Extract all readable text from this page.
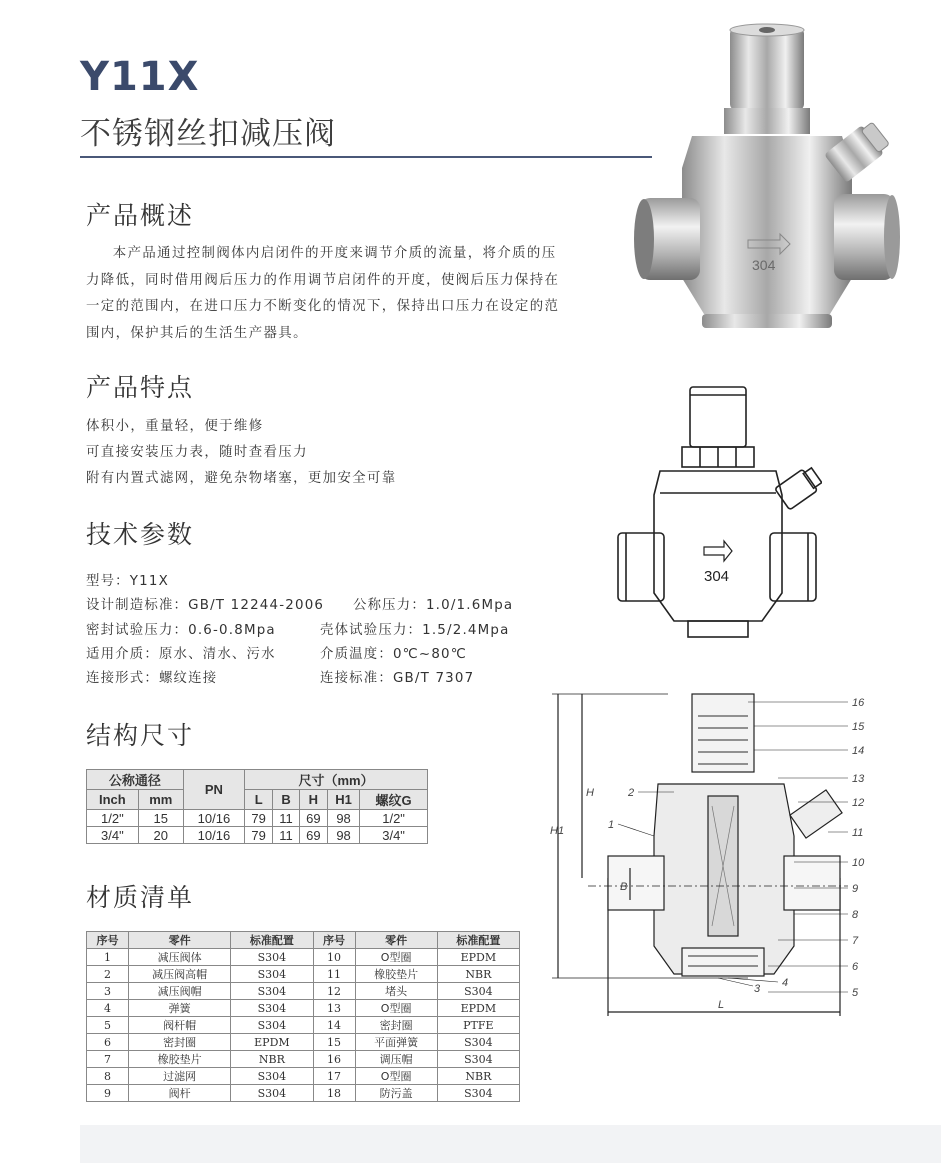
Y11X
不锈钢丝扣减压阀
产品概述
本产品通过控制阀体内启闭件的开度来调节介质的流量，将介质的压力降低，同时借用阀后压力的作用调节启闭件的开度，使阀后压力保持在一定的范围内，在进口压力不断变化的情况下，保持出口压力在设定的范围内，保护其后的生活生产器具。
产品特点
体积小，重量轻，便于维修
可直接安装压力表，随时查看压力
附有内置式滤网，避免杂物堵塞，更加安全可靠
技术参数
型号：Y11X
设计制造标准：GB/T 12244-2006 公称压力：1.0/1.6Mpa
密封试验压力：0.6-0.8Mpa	壳体试验压力：1.5/2.4Mpa
适用介质：原水、清水、污水	介质温度：0℃~80℃
连接形式：螺纹连接	连接标准：GB/T 7307
结构尺寸
公称通径		PN	尺寸（mm）				
Inch	mm		L	B	H	H1	螺纹G
1/2"	15	10/16	79	11	69	98	1/2"
3/4"	20	10/16	79	11	69	98	3/4"
材质清单
序号	零件	标准配置	序号	零件	标准配置
1	减压阀体	S304	10	O型圈	EPDM
2	减压阀高帽	S304	11	橡胶垫片	NBR
3	减压阀帽	S304	12	堵头	S304
4	弹簧	S304	13	O型圈	EPDM
5	阀杆帽	S304	14	密封圈	PTFE
6	密封圈	EPDM	15	平面弹簧	S304
7	橡胶垫片	NBR	16	调压帽	S304
8	过滤网	S304	17	O型圈	NBR
9	阀杆	S304	18	防污盖	S304
304
304
16
15
14
13
12
11
10
9
8
7
6
5
4
3
2
1
H
H1
B
L
